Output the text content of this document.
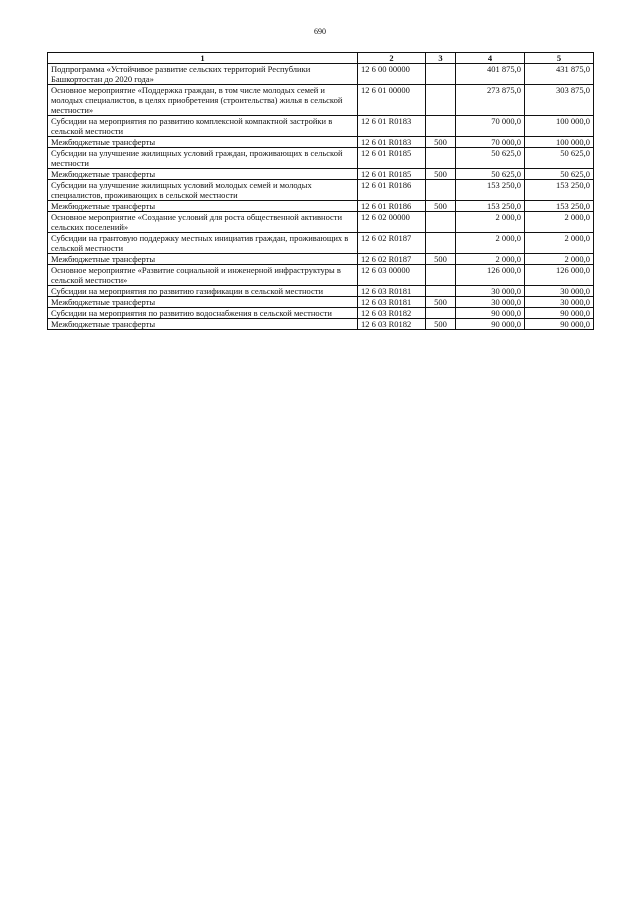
690
1	2	3	4	5
Подпрограмма «Устойчивое развитие сельских территорий Республики Башкортостан до 2020 года»	12 6 00 00000		401 875,0	431 875,0
Основное мероприятие «Поддержка граждан, в том числе молодых семей и молодых специалистов, в целях приобретения (строительства) жилья в сельской местности»	12 6 01 00000		273 875,0	303 875,0
Субсидии на мероприятия по развитию комплексной компактной застройки в сельской местности	12 6 01 R0183		70 000,0	100 000,0
Межбюджетные трансферты	12 6 01 R0183	500	70 000,0	100 000,0
Субсидии на улучшение жилищных условий граждан, проживающих в сельской местности	12 6 01 R0185		50 625,0	50 625,0
Межбюджетные трансферты	12 6 01 R0185	500	50 625,0	50 625,0
Субсидии на улучшение жилищных условий молодых семей и молодых специалистов, проживающих в сельской местности	12 6 01 R0186		153 250,0	153 250,0
Межбюджетные трансферты	12 6 01 R0186	500	153 250,0	153 250,0
Основное мероприятие «Создание условий для роста общественной активности сельских поселений»	12 6 02 00000		2 000,0	2 000,0
Субсидии на грантовую поддержку местных инициатив граждан, проживающих в сельской местности	12 6 02 R0187		2 000,0	2 000,0
Межбюджетные трансферты	12 6 02 R0187	500	2 000,0	2 000,0
Основное мероприятие «Развитие социальной и инженерной инфраструктуры в сельской местности»	12 6 03 00000		126 000,0	126 000,0
Субсидии на мероприятия по развитию газификации в сельской местности	12 6 03 R0181		30 000,0	30 000,0
Межбюджетные трансферты	12 6 03 R0181	500	30 000,0	30 000,0
Субсидии на мероприятия по развитию водоснабжения в сельской местности	12 6 03 R0182		90 000,0	90 000,0
Межбюджетные трансферты	12 6 03 R0182	500	90 000,0	90 000,0
